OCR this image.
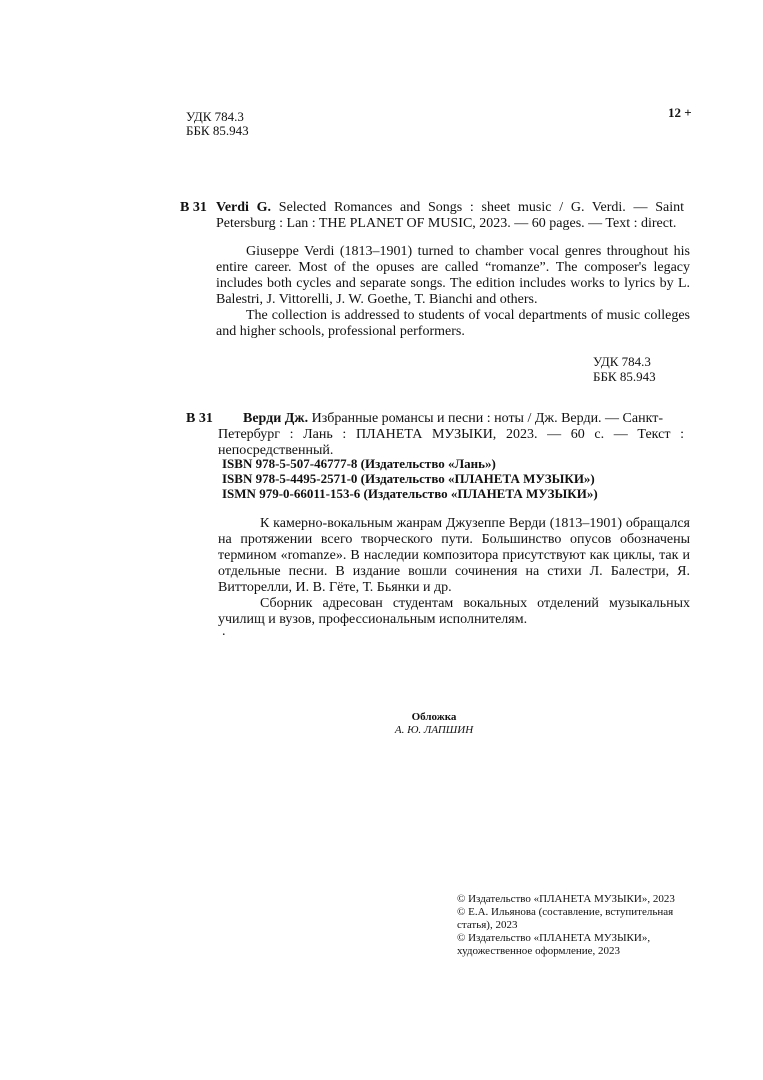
УДК 784.3
ББК 85.943
12 +
В 31 Verdi G. Selected Romances and Songs : sheet music / G. Verdi. — Saint Petersburg : Lan : THE PLANET OF MUSIC, 2023. — 60 pages. — Text : direct.

Giuseppe Verdi (1813–1901) turned to chamber vocal genres throughout his entire career. Most of the opuses are called “romanze”. The composer's legacy includes both cycles and separate songs. The edition includes works to lyrics by L. Balestri, J. Vittorelli, J. W. Goethe, T. Bianchi and others.

The collection is addressed to students of vocal departments of music colleges and higher schools, professional performers.

УДК 784.3
ББК 85.943
В 31 Верди Дж. Избранные романсы и песни : ноты / Дж. Верди. — Санкт-
Петербург : Лань : ПЛАНЕТА МУЗЫКИ, 2023. — 60 с. — Текст : непосредственный.
ISBN 978-5-507-46777-8 (Издательство «Лань»)
ISBN 978-5-4495-2571-0 (Издательство «ПЛАНЕТА МУЗЫКИ»)
ISMN 979-0-66011-153-6 (Издательство «ПЛАНЕТА МУЗЫКИ»)

К камерно-вокальным жанрам Джузеппе Верди (1813–1901) обращался на протяжении всего творческого пути. Большинство опусов обозначены термином «romanze». В наследии композитора присутствуют как циклы, так и отдельные песни. В издание вошли сочинения на стихи Л. Балестри, Я. Витторелли, И. В. Гёте, Т. Бьянки и др.

Сборник адресован студентам вокальных отделений музыкальных училищ и вузов, профессиональным исполнителям.

.
Обложка
А. Ю. ЛАПШИН
© Издательство «ПЛАНЕТА МУЗЫКИ», 2023
© Е.А. Ильянова (составление, вступительная статья), 2023
© Издательство «ПЛАНЕТА МУЗЫКИ», художественное оформление, 2023
